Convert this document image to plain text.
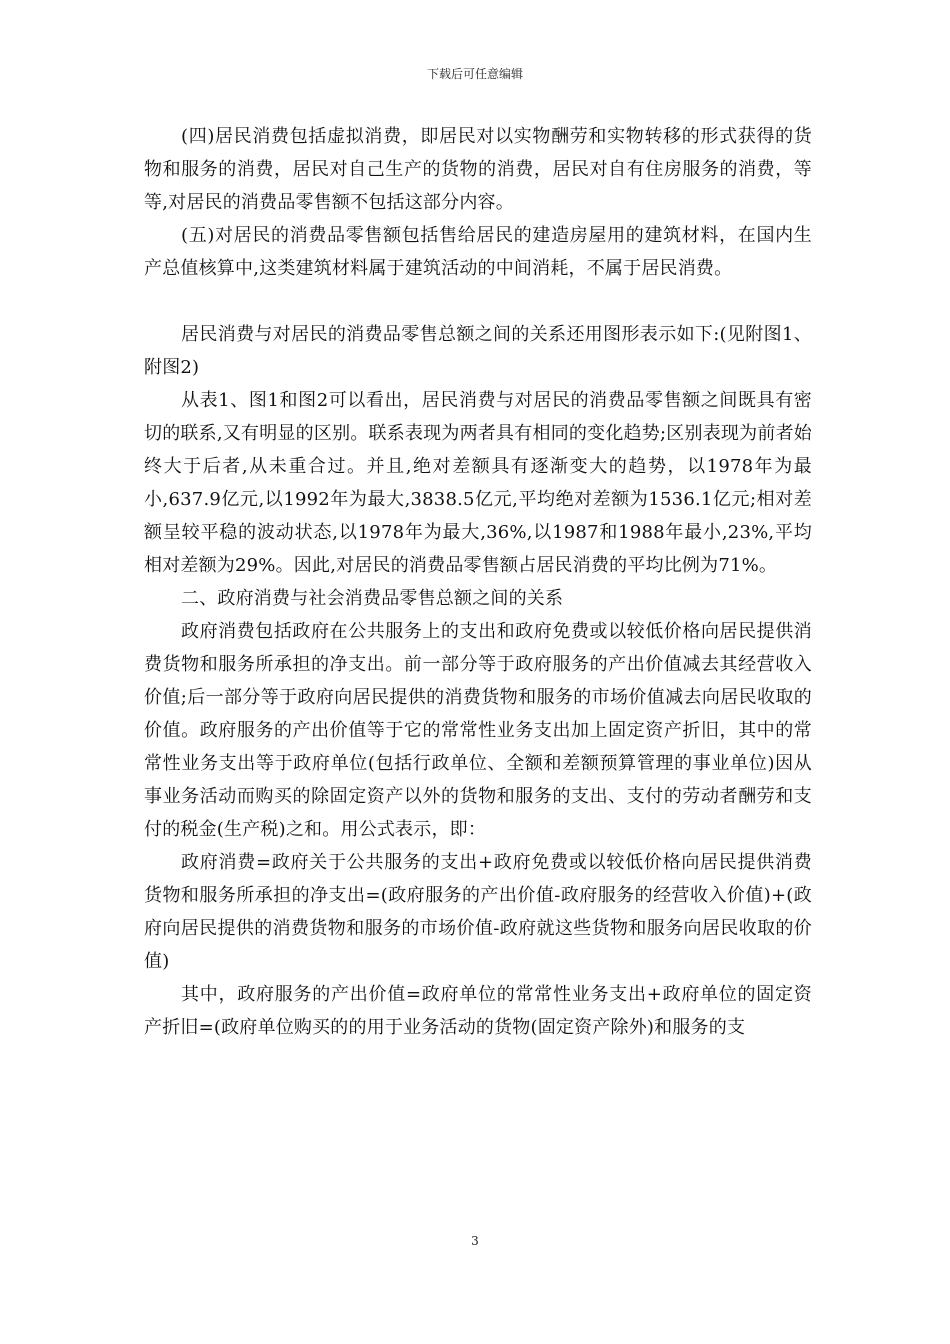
下载后可任意编辑

(四)居民消费包括虚拟消费，即居民对以实物酬劳和实物转移的形式获得的货物和服务的消费，居民对自己生产的货物的消费，居民对自有住房服务的消费，等等,对居民的消费品零售额不包括这部分内容。

(五)对居民的消费品零售额包括售给居民的建造房屋用的建筑材料，在国内生产总值核算中,这类建筑材料属于建筑活动的中间消耗，不属于居民消费。

居民消费与对居民的消费品零售总额之间的关系还用图形表示如下:(见附图1、附图2)

从表1、图1和图2可以看出，居民消费与对居民的消费品零售额之间既具有密切的联系,又有明显的区别。联系表现为两者具有相同的变化趋势;区别表现为前者始终大于后者,从未重合过。并且,绝对差额具有逐渐变大的趋势，以1978年为最小,637.9亿元,以1992年为最大,3838.5亿元,平均绝对差额为1536.1亿元;相对差额呈较平稳的波动状态,以1978年为最大,36%,以1987和1988年最小,23%,平均相对差额为29%。因此,对居民的消费品零售额占居民消费的平均比例为71%。

二、政府消费与社会消费品零售总额之间的关系

政府消费包括政府在公共服务上的支出和政府免费或以较低价格向居民提供消费货物和服务所承担的净支出。前一部分等于政府服务的产出价值减去其经营收入价值;后一部分等于政府向居民提供的消费货物和服务的市场价值减去向居民收取的价值。政府服务的产出价值等于它的常常性业务支出加上固定资产折旧，其中的常常性业务支出等于政府单位(包括行政单位、全额和差额预算管理的事业单位)因从事业务活动而购买的除固定资产以外的货物和服务的支出、支付的劳动者酬劳和支付的税金(生产税)之和。用公式表示，即：

政府消费=政府关于公共服务的支出+政府免费或以较低价格向居民提供消费货物和服务所承担的净支出=(政府服务的产出价值-政府服务的经营收入价值)+(政府向居民提供的消费货物和服务的市场价值-政府就这些货物和服务向居民收取的价值)

其中，政府服务的产出价值=政府单位的常常性业务支出+政府单位的固定资产折旧=(政府单位购买的的用于业务活动的货物(固定资产除外)和服务的支

3
